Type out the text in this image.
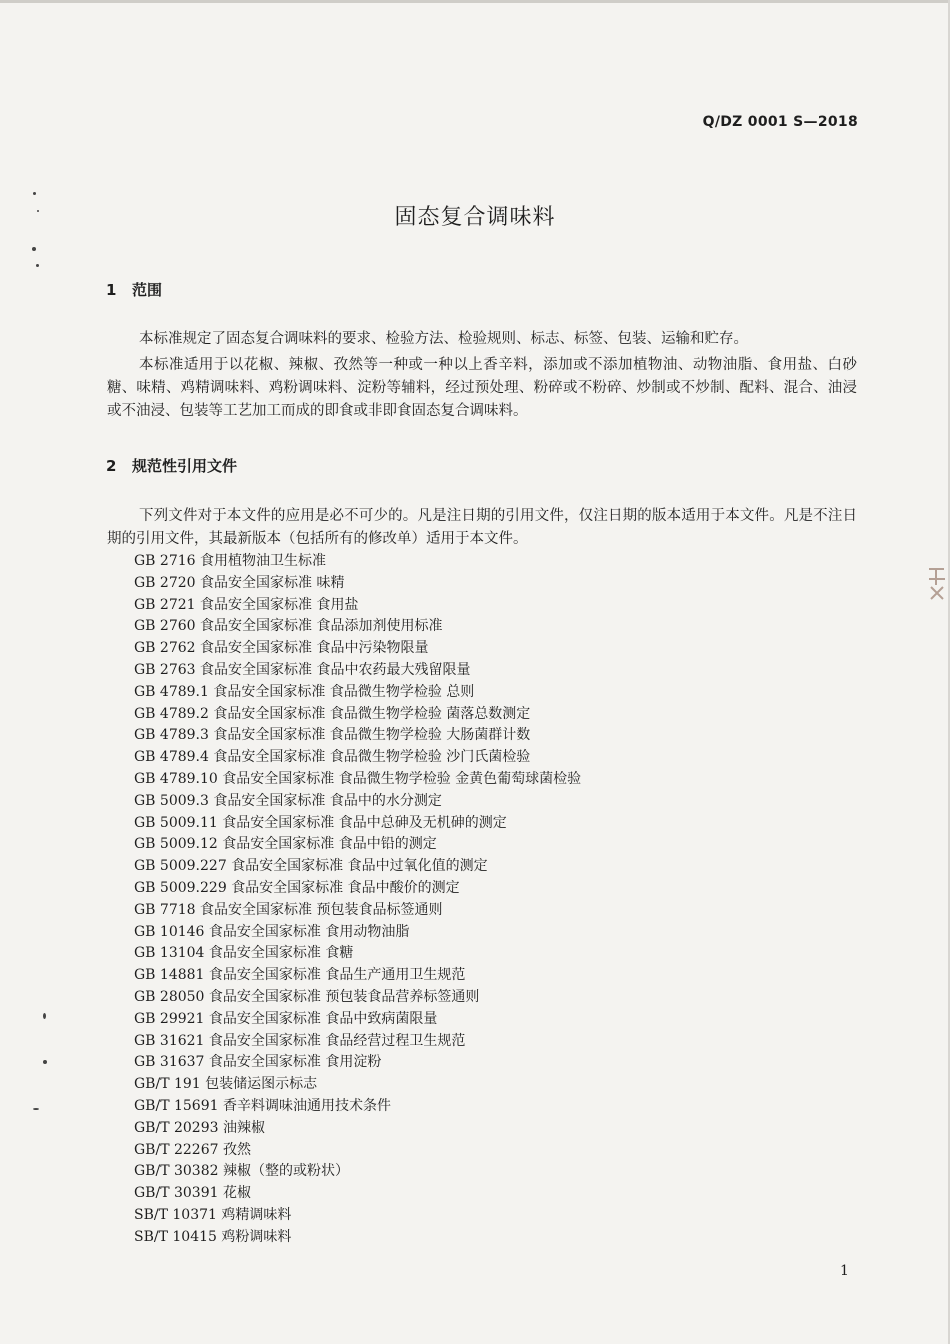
Q/DZ 0001 S—2018
固态复合调味料
1 范围

本标准规定了固态复合调味料的要求、检验方法、检验规则、标志、标签、包装、运输和贮存。

本标准适用于以花椒、辣椒、孜然等一种或一种以上香辛料，添加或不添加植物油、动物油脂、食用盐、白砂糖、味精、鸡精调味料、鸡粉调味料、淀粉等辅料，经过预处理、粉碎或不粉碎、炒制或不炒制、配料、混合、油浸或不油浸、包装等工艺加工而成的即食或非即食固态复合调味料。

2 规范性引用文件

下列文件对于本文件的应用是必不可少的。凡是注日期的引用文件，仅注日期的版本适用于本文件。凡是不注日期的引用文件，其最新版本（包括所有的修改单）适用于本文件。

GB 2716 食用植物油卫生标准
GB 2720 食品安全国家标准 味精
GB 2721 食品安全国家标准 食用盐
GB 2760 食品安全国家标准 食品添加剂使用标准
GB 2762 食品安全国家标准 食品中污染物限量
GB 2763 食品安全国家标准 食品中农药最大残留限量
GB 4789.1 食品安全国家标准 食品微生物学检验 总则
GB 4789.2 食品安全国家标准 食品微生物学检验 菌落总数测定
GB 4789.3 食品安全国家标准 食品微生物学检验 大肠菌群计数
GB 4789.4 食品安全国家标准 食品微生物学检验 沙门氏菌检验
GB 4789.10 食品安全国家标准 食品微生物学检验 金黄色葡萄球菌检验
GB 5009.3 食品安全国家标准 食品中的水分测定
GB 5009.11 食品安全国家标准 食品中总砷及无机砷的测定
GB 5009.12 食品安全国家标准 食品中铅的测定
GB 5009.227 食品安全国家标准 食品中过氧化值的测定
GB 5009.229 食品安全国家标准 食品中酸价的测定
GB 7718 食品安全国家标准 预包装食品标签通则
GB 10146 食品安全国家标准 食用动物油脂
GB 13104 食品安全国家标准 食糖
GB 14881 食品安全国家标准 食品生产通用卫生规范
GB 28050 食品安全国家标准 预包装食品营养标签通则
GB 29921 食品安全国家标准 食品中致病菌限量
GB 31621 食品安全国家标准 食品经营过程卫生规范
GB 31637 食品安全国家标准 食用淀粉
GB/T 191 包装储运图示标志
GB/T 15691 香辛料调味油通用技术条件
GB/T 20293 油辣椒
GB/T 22267 孜然
GB/T 30382 辣椒（整的或粉状）
GB/T 30391 花椒
SB/T 10371 鸡精调味料
SB/T 10415 鸡粉调味料
1
